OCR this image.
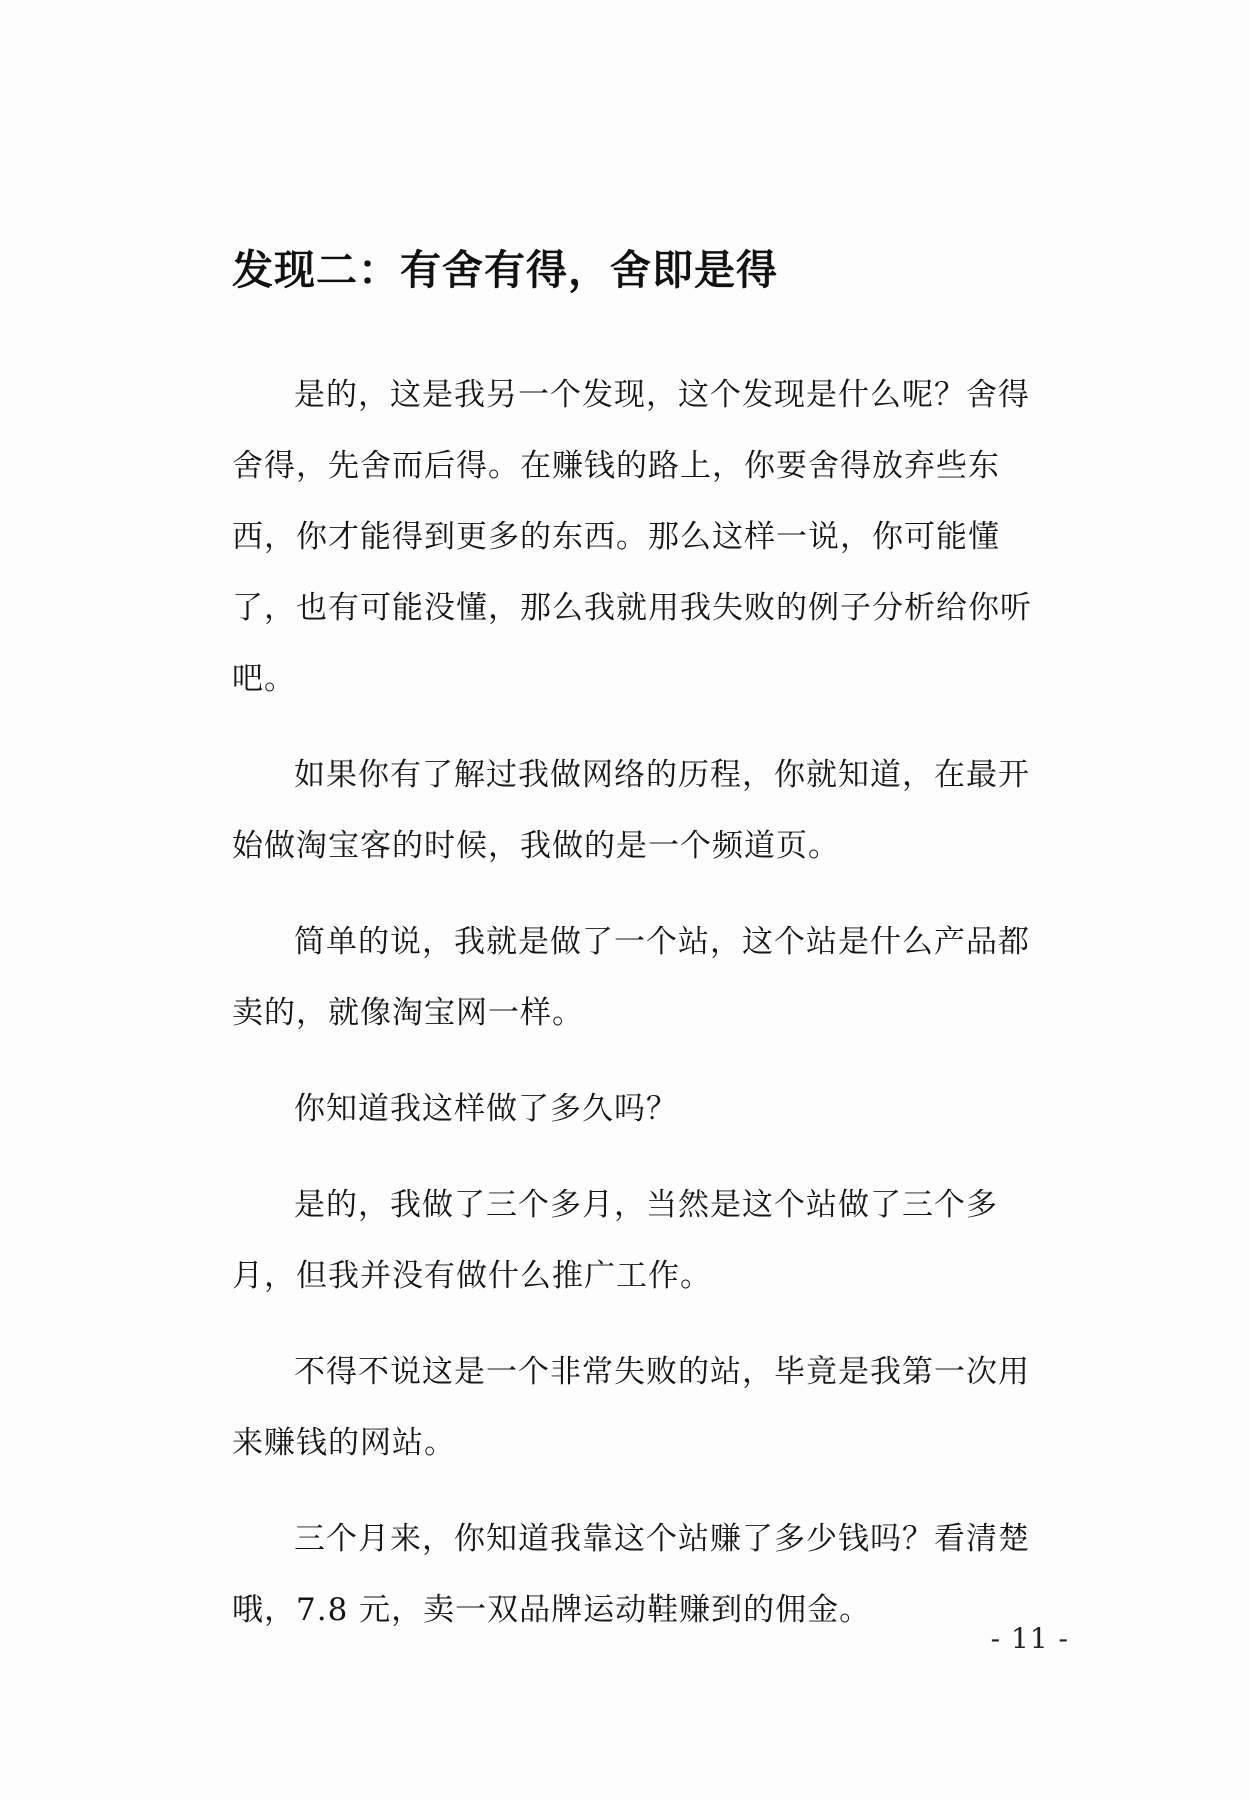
发现二：有舍有得，舍即是得

是的，这是我另一个发现，这个发现是什么呢？舍得舍得，先舍而后得。在赚钱的路上，你要舍得放弃些东西，你才能得到更多的东西。那么这样一说，你可能懂了，也有可能没懂，那么我就用我失败的例子分析给你听吧。

如果你有了解过我做网络的历程，你就知道，在最开始做淘宝客的时候，我做的是一个频道页。

简单的说，我就是做了一个站，这个站是什么产品都卖的，就像淘宝网一样。

你知道我这样做了多久吗？

是的，我做了三个多月，当然是这个站做了三个多月，但我并没有做什么推广工作。

不得不说这是一个非常失败的站，毕竟是我第一次用来赚钱的网站。

三个月来，你知道我靠这个站赚了多少钱吗？看清楚哦，7.8 元，卖一双品牌运动鞋赚到的佣金。

- 11 -
